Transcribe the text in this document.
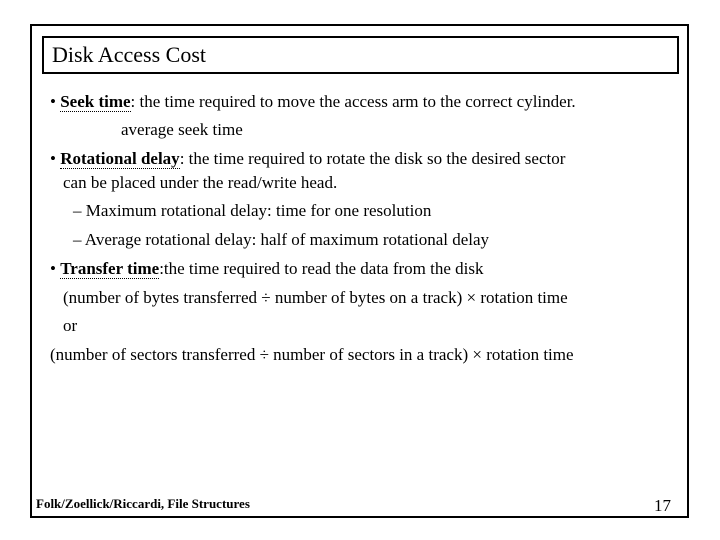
Disk Access Cost
• Seek time: the time required to move the access arm to the correct cylinder.
average seek time
• Rotational delay: the time required to rotate the disk so the desired sector
can be placed under the read/write head.
– Maximum rotational delay: time for one resolution
– Average rotational delay: half of maximum rotational delay
• Transfer time:the time required to read the data from the disk
(number of bytes transferred ÷ number of bytes on a track) × rotation time
or
(number of sectors transferred ÷ number of sectors in a track) × rotation time
Folk/Zoellick/Riccardi, File Structures	17
